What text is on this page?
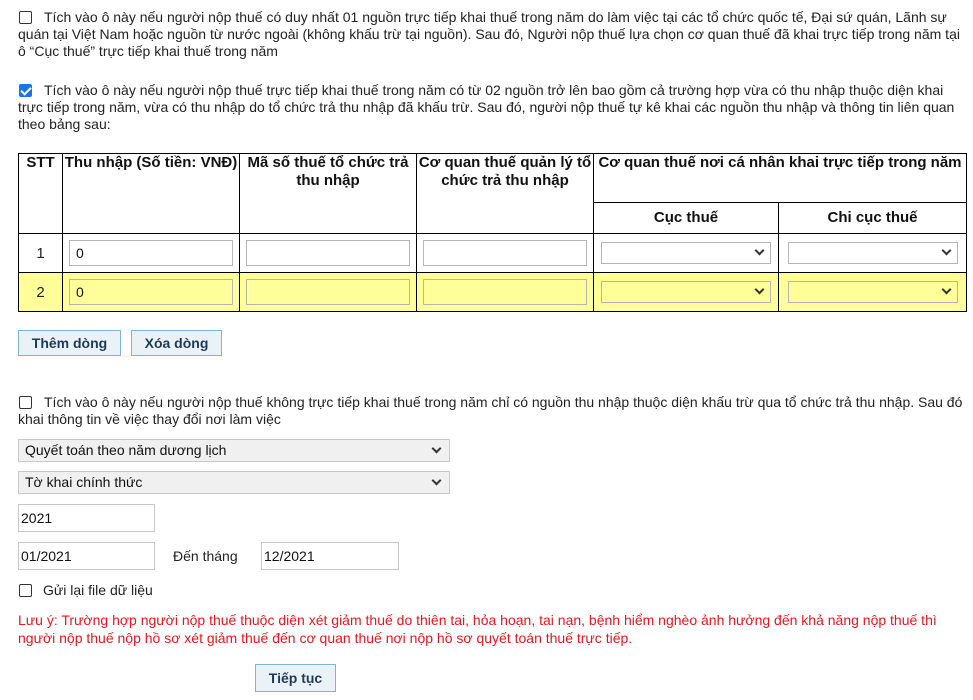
Tích vào ô này nếu người nộp thuế có duy nhất 01 nguồn trực tiếp khai thuế trong năm do làm việc tại các tổ chức quốc tế, Đại sứ quán, Lãnh sự quán tại Việt Nam hoặc nguồn từ nước ngoài (không khấu trừ tại nguồn). Sau đó, Người nộp thuế lựa chọn cơ quan thuế đã khai trực tiếp trong năm tại ô “Cục thuế” trực tiếp khai thuế trong năm

Tích vào ô này nếu người nộp thuế trực tiếp khai thuế trong năm có từ 02 nguồn trở lên bao gồm cả trường hợp vừa có thu nhập thuộc diện khai trực tiếp trong năm, vừa có thu nhập do tổ chức trả thu nhập đã khấu trừ. Sau đó, người nộp thuế tự kê khai các nguồn thu nhập và thông tin liên quan theo bảng sau:

STT	Thu nhập (Số tiền: VNĐ)	Mã số thuế tổ chức trả thu nhập	Cơ quan thuế quản lý tổ chức trả thu nhập	Cơ quan thuế nơi cá nhân khai trực tiếp trong năm	
				Cục thuế	Chi cục thuế
1	0				

2	0				

Thêm dòng	Xóa dòng

Tích vào ô này nếu người nộp thuế không trực tiếp khai thuế trong năm chỉ có nguồn thu nhập thuộc diện khấu trừ qua tổ chức trả thu nhập. Sau đó khai thông tin về việc thay đổi nơi làm việc

Quyết toán theo năm dương lịch
Tờ khai chính thức
2021
01/2021	Đến tháng 12/2021
Gửi lại file dữ liệu

Lưu ý: Trường hợp người nộp thuế thuộc diện xét giảm thuế do thiên tai, hỏa hoạn, tai nạn, bệnh hiểm nghèo ảnh hưởng đến khả năng nộp thuế thì người nộp thuế nộp hồ sơ xét giảm thuế đến cơ quan thuế nơi nộp hồ sơ quyết toán thuế trực tiếp.

Tiếp tục
